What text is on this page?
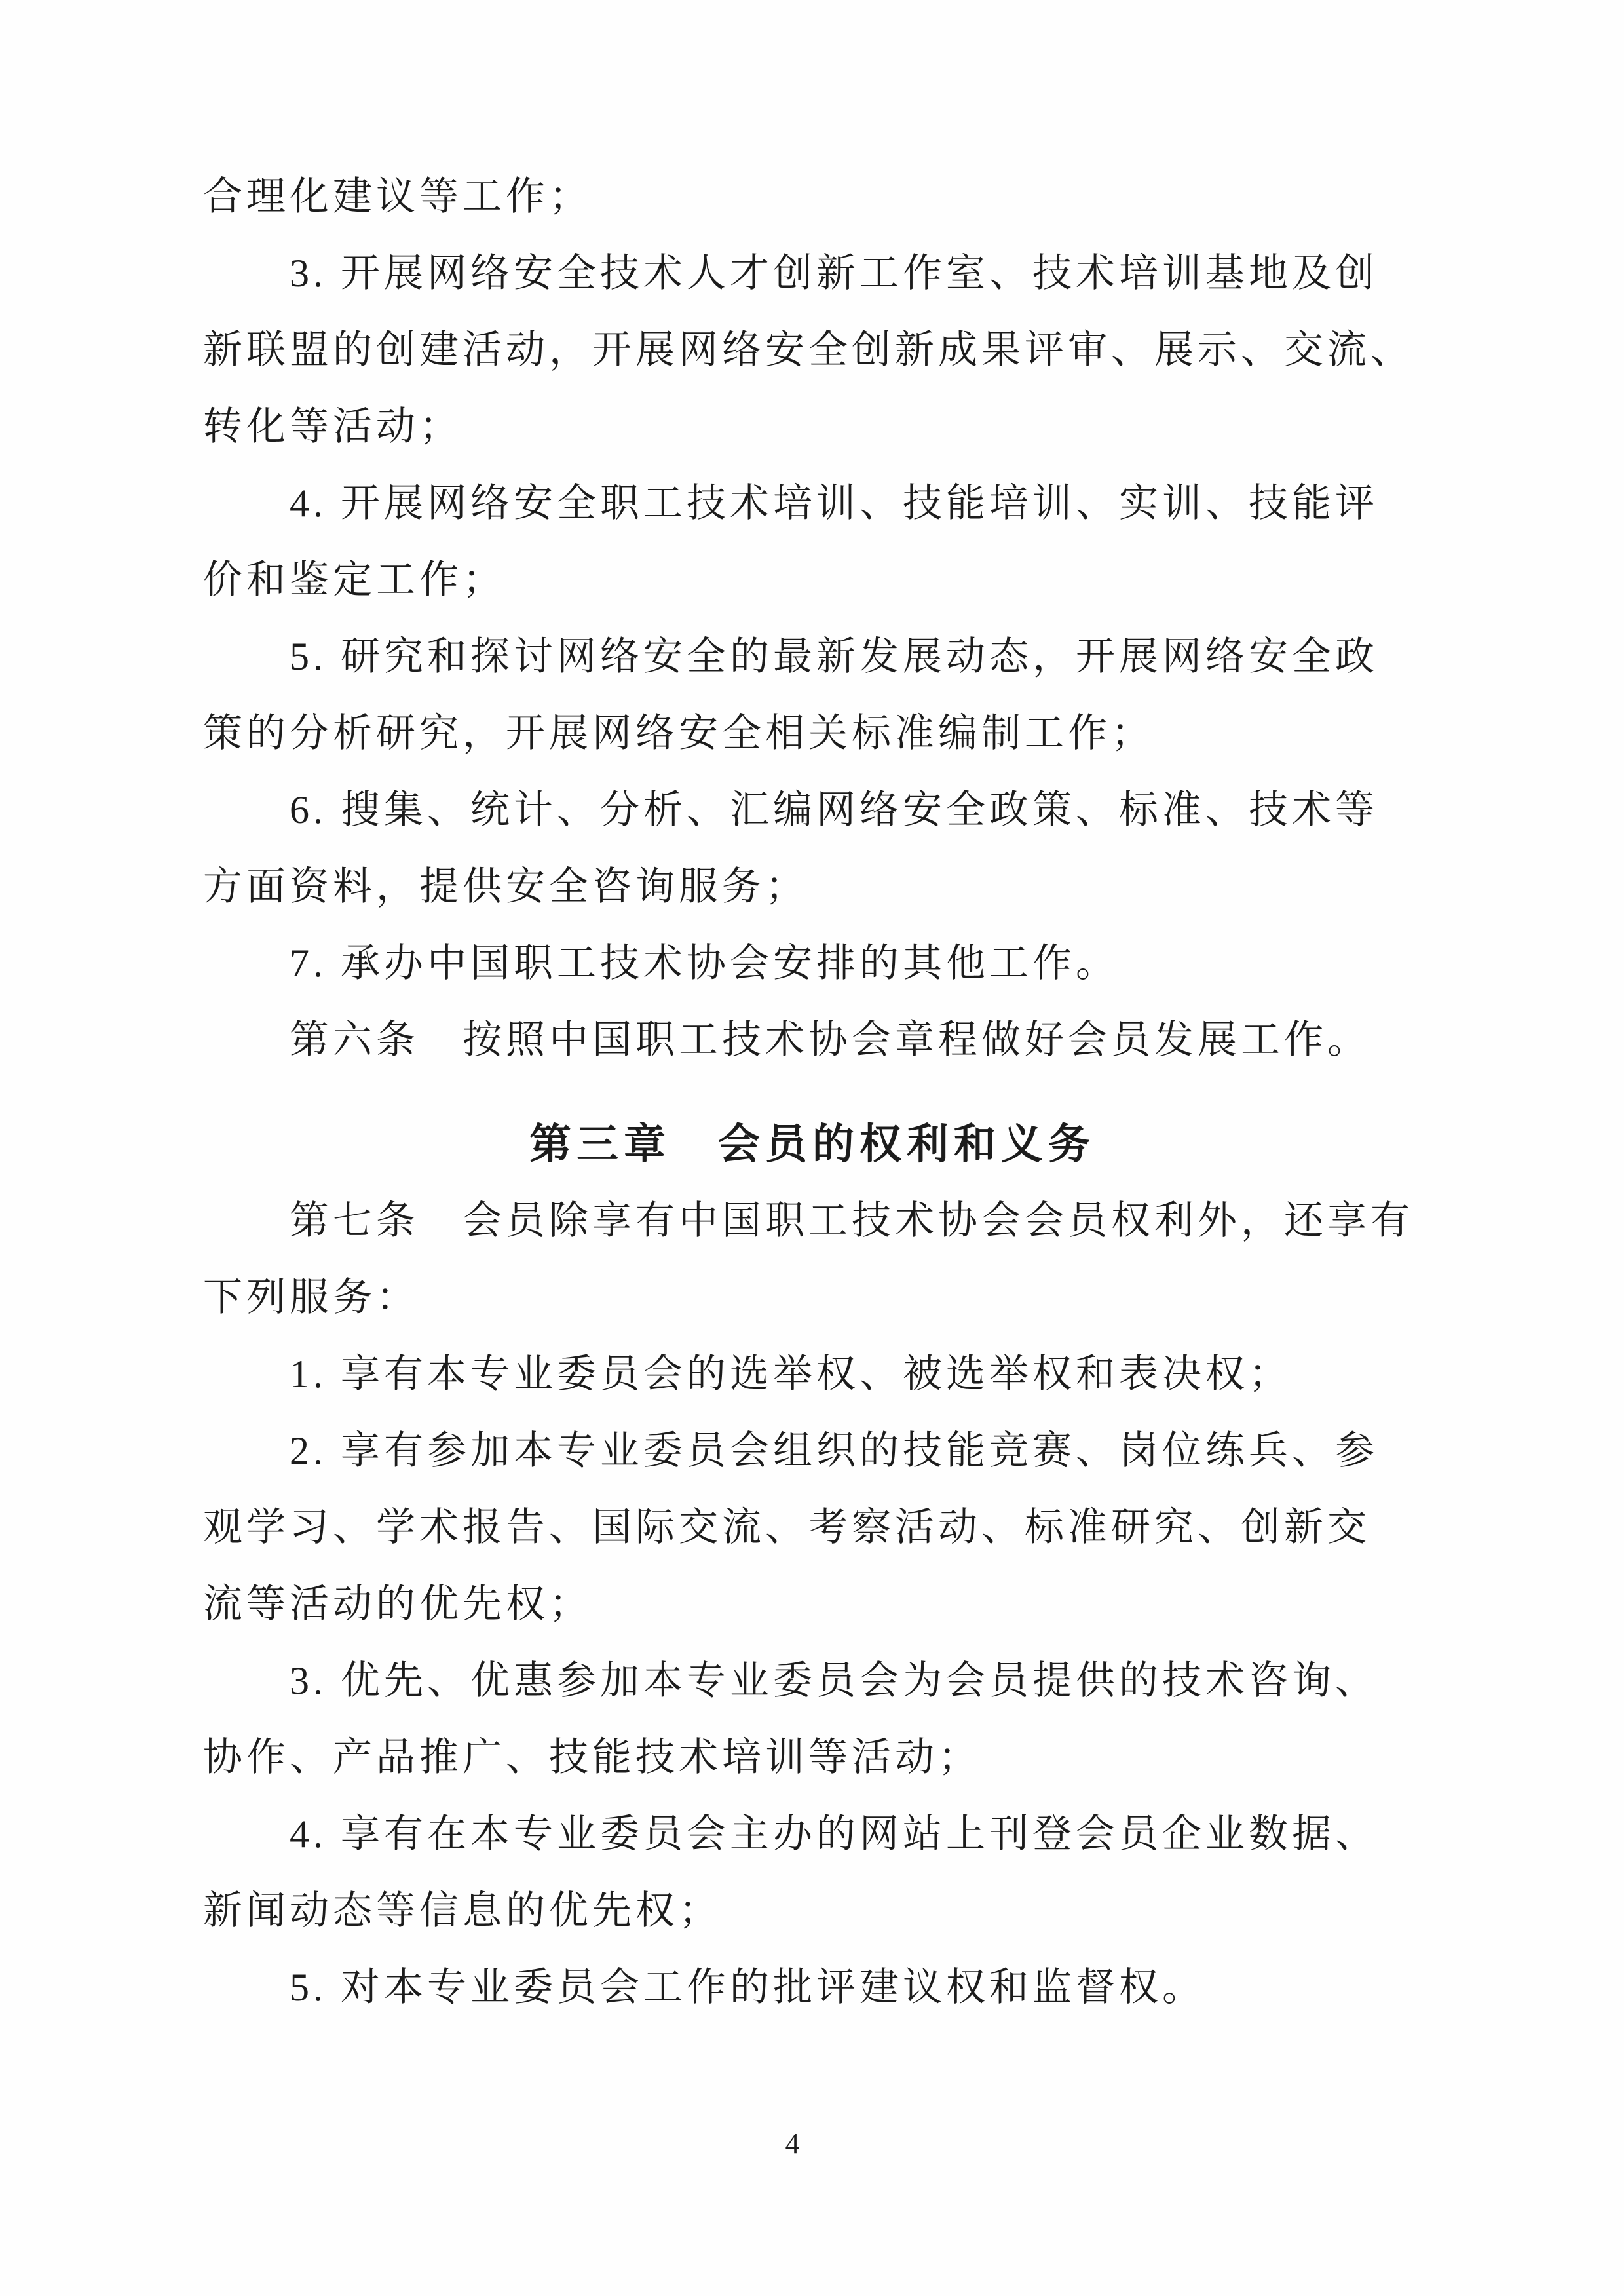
合理化建议等工作；
3. 开展网络安全技术人才创新工作室、技术培训基地及创
新联盟的创建活动，开展网络安全创新成果评审、展示、交流、
转化等活动；
4. 开展网络安全职工技术培训、技能培训、实训、技能评
价和鉴定工作；
5. 研究和探讨网络安全的最新发展动态，开展网络安全政
策的分析研究，开展网络安全相关标准编制工作；
6. 搜集、统计、分析、汇编网络安全政策、标准、技术等
方面资料，提供安全咨询服务；
7. 承办中国职工技术协会安排的其他工作。
第六条　按照中国职工技术协会章程做好会员发展工作。
第三章　会员的权利和义务
第七条　会员除享有中国职工技术协会会员权利外，还享有
下列服务：
1. 享有本专业委员会的选举权、被选举权和表决权；
2. 享有参加本专业委员会组织的技能竞赛、岗位练兵、参
观学习、学术报告、国际交流、考察活动、标准研究、创新交
流等活动的优先权；
3. 优先、优惠参加本专业委员会为会员提供的技术咨询、
协作、产品推广、技能技术培训等活动；
4. 享有在本专业委员会主办的网站上刊登会员企业数据、
新闻动态等信息的优先权；
5. 对本专业委员会工作的批评建议权和监督权。
4
